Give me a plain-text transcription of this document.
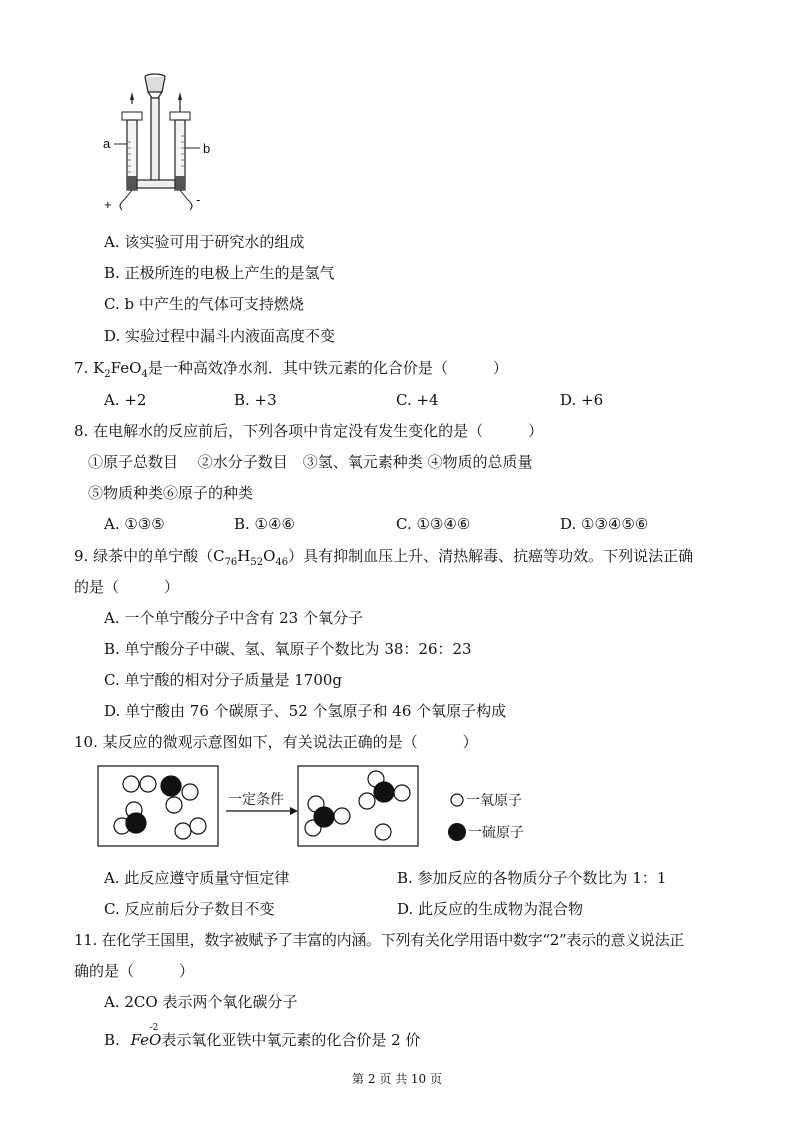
a	b
+	-
A. 该实验可用于研究水的组成
B. 正极所连的电极上产生的是氢气
C. b 中产生的气体可支持燃烧
D. 实验过程中漏斗内液面高度不变
7. $K_2FeO_4$是一种高效净水剂．其中铁元素的化合价是（　　　）
A. +2	B. +3	C. +4	D. +6
8. 在电解水的反应前后，下列各项中肯定没有发生变化的是（　　　）
①原子总数目　 ②水分子数目　③氢、氧元素种类 ④物质的总质量
⑤物质种类⑥原子的种类
A. ①③⑤	B. ①④⑥	C. ①③④⑥	D. ①③④⑤⑥
9. 绿茶中的单宁酸$(C_{76}H_{52}O_{46})$具有抑制血压上升、清热解毒、抗癌等功效。下列说法正确
的是（　　　）
A. 一个单宁酸分子中含有 23 个氧分子
B. 单宁酸分子中碳、氢、氧原子个数比为 38：26：23
C. 单宁酸的相对分子质量是 1700g
D. 单宁酸由 76 个碳原子、52 个氢原子和 46 个氧原子构成
10. 某反应的微观示意图如下，有关说法正确的是（　　　）
一定条件	一氧原子
一硫原子
A. 此反应遵守质量守恒定律	B. 参加反应的各物质分子个数比为 1：1
C. 反应前后分子数目不变	D. 此反应的生成物为混合物
11. 在化学王国里，数字被赋予了丰富的内涵。下列有关化学用语中数字“2”表示的意义说法正
确的是（　　　）
A. 2CO 表示两个氧化碳分子
B.
-2
FeO表示氧化亚铁中氧元素的化合价是 2 价
第 2 页 共 10 页
